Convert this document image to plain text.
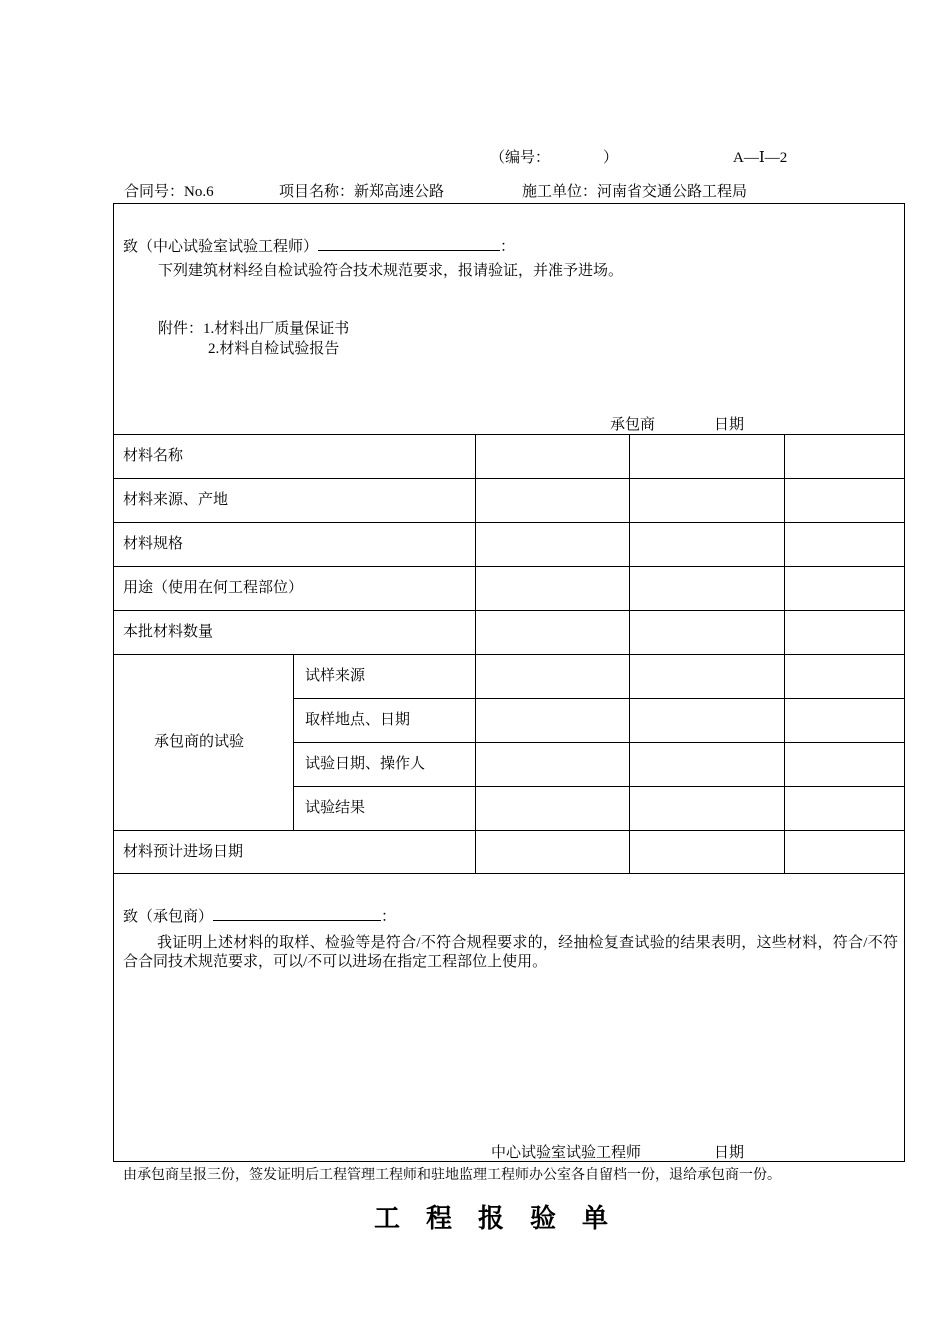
（编号：	）	A—Ⅰ—2
合同号：No.6	项目名称：新郑高速公路	施工单位：河南省交通公路工程局
致（中心试验室试验工程师）	：
下列建筑材料经自检试验符合技术规范要求，报请验证，并准予进场。
附件：1.材料出厂质量保证书
2.材料自检试验报告
承包商	日期
材料名称
材料来源、产地
材料规格
用途（使用在何工程部位）
本批材料数量
承包商的试验
试样来源
取样地点、日期
试验日期、操作人
试验结果
材料预计进场日期
致（承包商）	：
我证明上述材料的取样、检验等是符合/不符合规程要求的，经抽检复查试验的结果表明，这些材料，符合/不符合合同技术规范要求，可以/不可以进场在指定工程部位上使用。
中心试验室试验工程师	日期
由承包商呈报三份，签发证明后工程管理工程师和驻地监理工程师办公室各自留档一份，退给承包商一份。
工程报验单
